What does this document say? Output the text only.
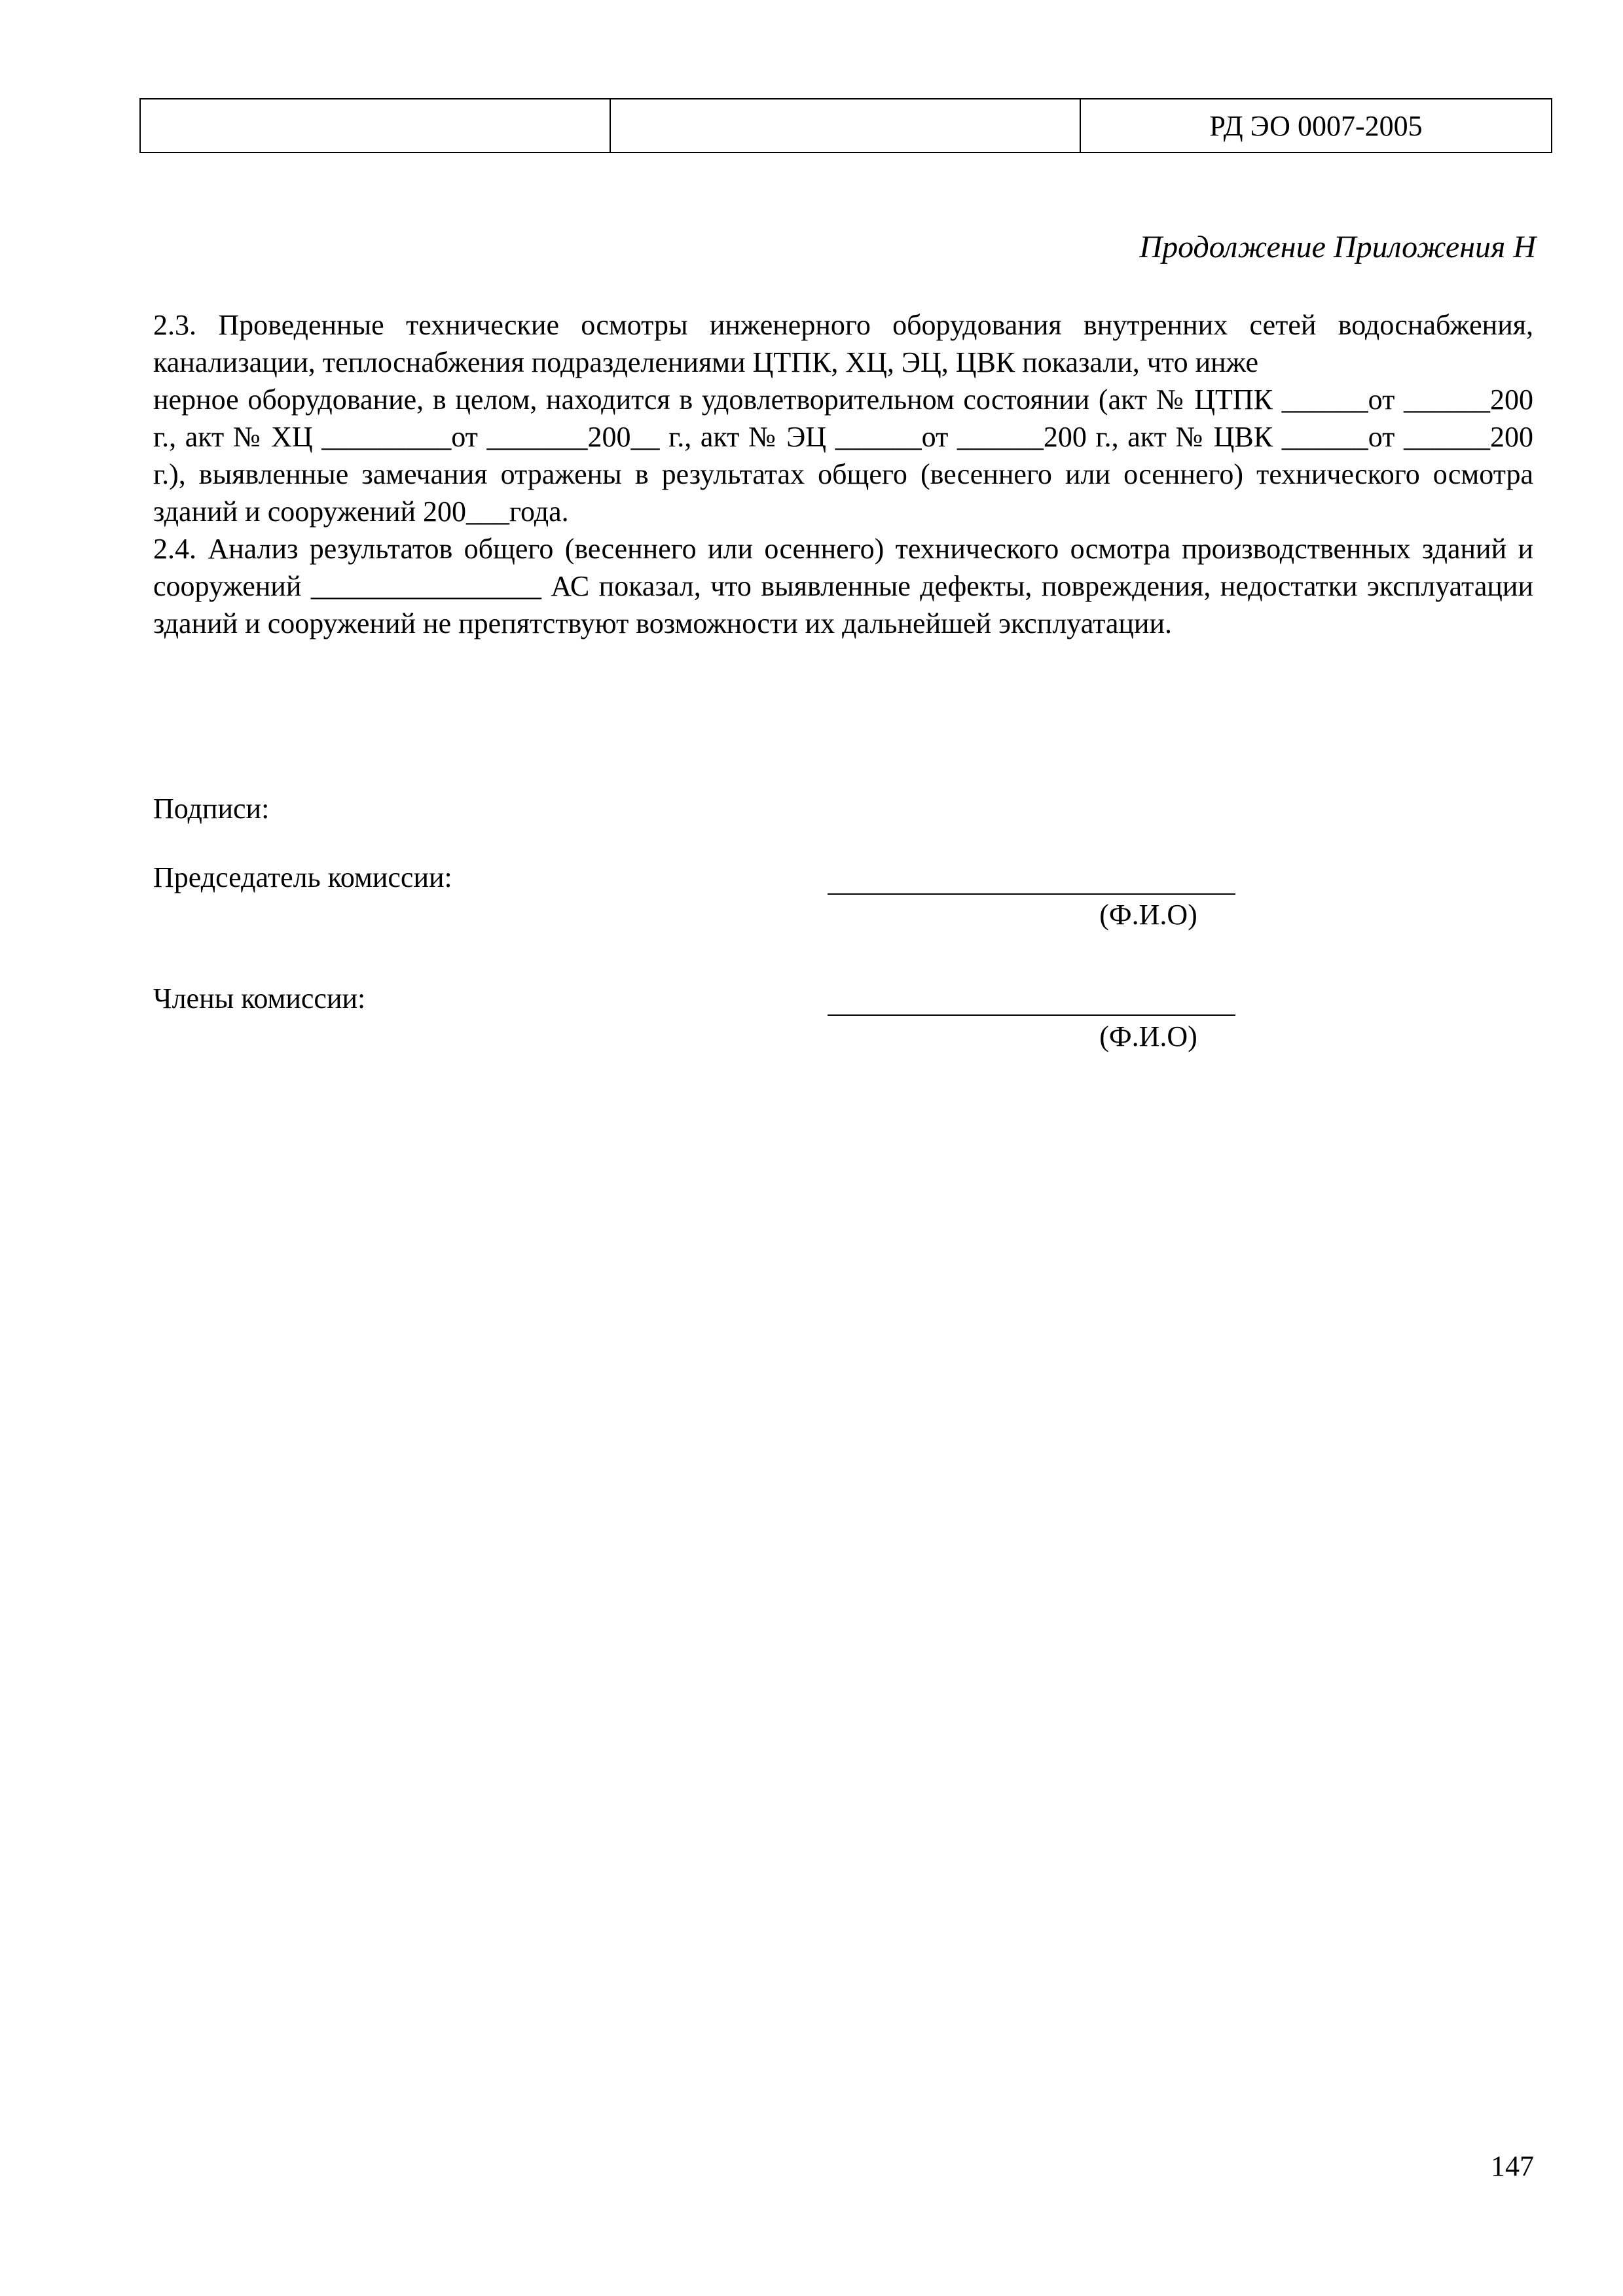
		РД ЭО 0007-2005
Продолжение Приложения Н

2.3. Проведенные технические осмотры инженерного оборудования внутренних сетей водоснабжения, канализации, теплоснабжения подразделениями ЦТПК, ХЦ, ЭЦ, ЦВК показали, что инже

нерное оборудование, в целом, находится в удовлетворительном состоянии (акт № ЦТПК ______от ______200 г., акт № ХЦ _________от _______200__ г., акт № ЭЦ ______от ______200 г., акт № ЦВК ______от ______200 г.), выявленные замечания отражены в результатах общего (весеннего или осеннего) технического осмотра зданий и сооружений 200___года.

2.4. Анализ результатов общего (весеннего или осеннего) технического осмотра производственных зданий и сооружений ________________ АС показал, что выявленные дефекты, повреждения, недостатки эксплуатации зданий и сооружений не препятствуют возможности их дальнейшей эксплуатации.

Подписи:
Председатель комиссии:
(Ф.И.О)
Члены комиссии:
(Ф.И.О)
147
